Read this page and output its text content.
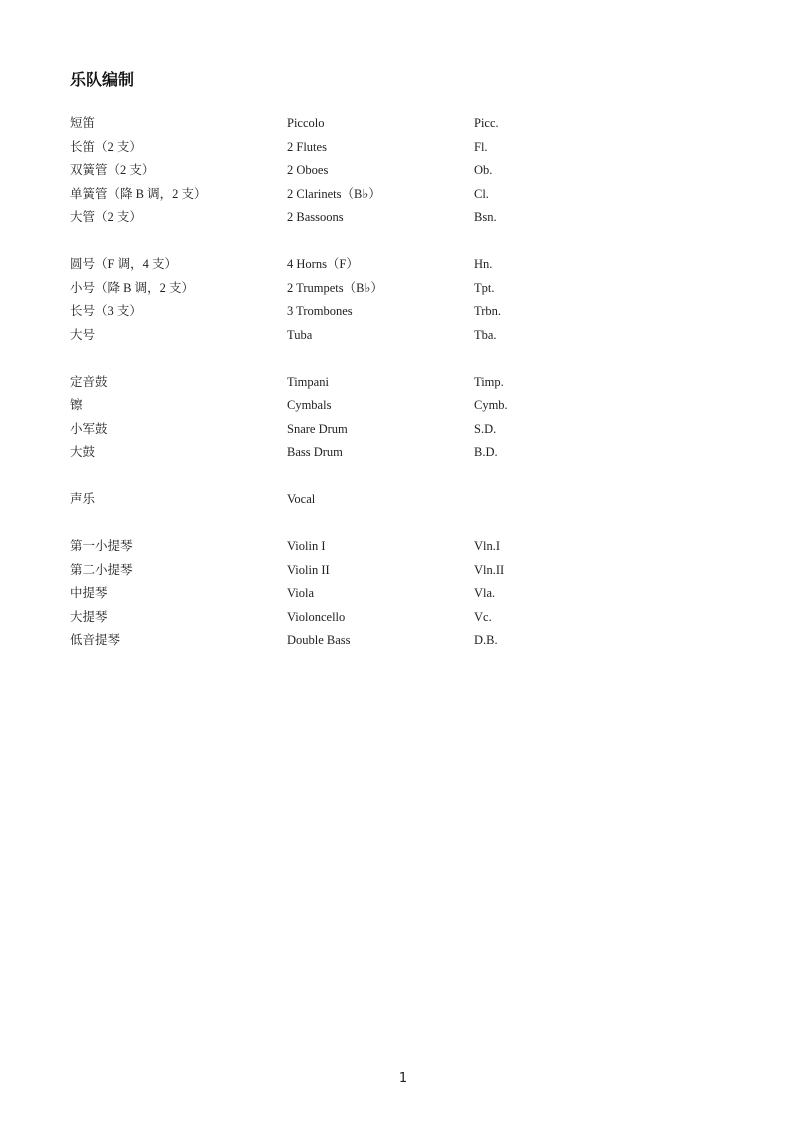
乐队编制
短笛	Piccolo	Picc.
长笛（2 支）	2 Flutes	Fl.
双簧管（2 支）	2 Oboes	Ob.
单簧管（降 B 调，2 支）	2 Clarinets（B♭）	Cl.
大管（2 支）	2 Bassoons	Bsn.
圆号（F 调，4 支）	4 Horns（F）	Hn.
小号（降 B 调，2 支）	2 Trumpets（B♭）	Tpt.
长号（3 支）	3 Trombones	Trbn.
大号	Tuba	Tba.
定音鼓	Timpani	Timp.
镲	Cymbals	Cymb.
小军鼓	Snare Drum	S.D.
大鼓	Bass Drum	B.D.
声乐	Vocal
第一小提琴	Violin I	Vln.I
第二小提琴	Violin II	Vln.II
中提琴	Viola	Vla.
大提琴	Violoncello	Vc.
低音提琴	Double Bass	D.B.
1
